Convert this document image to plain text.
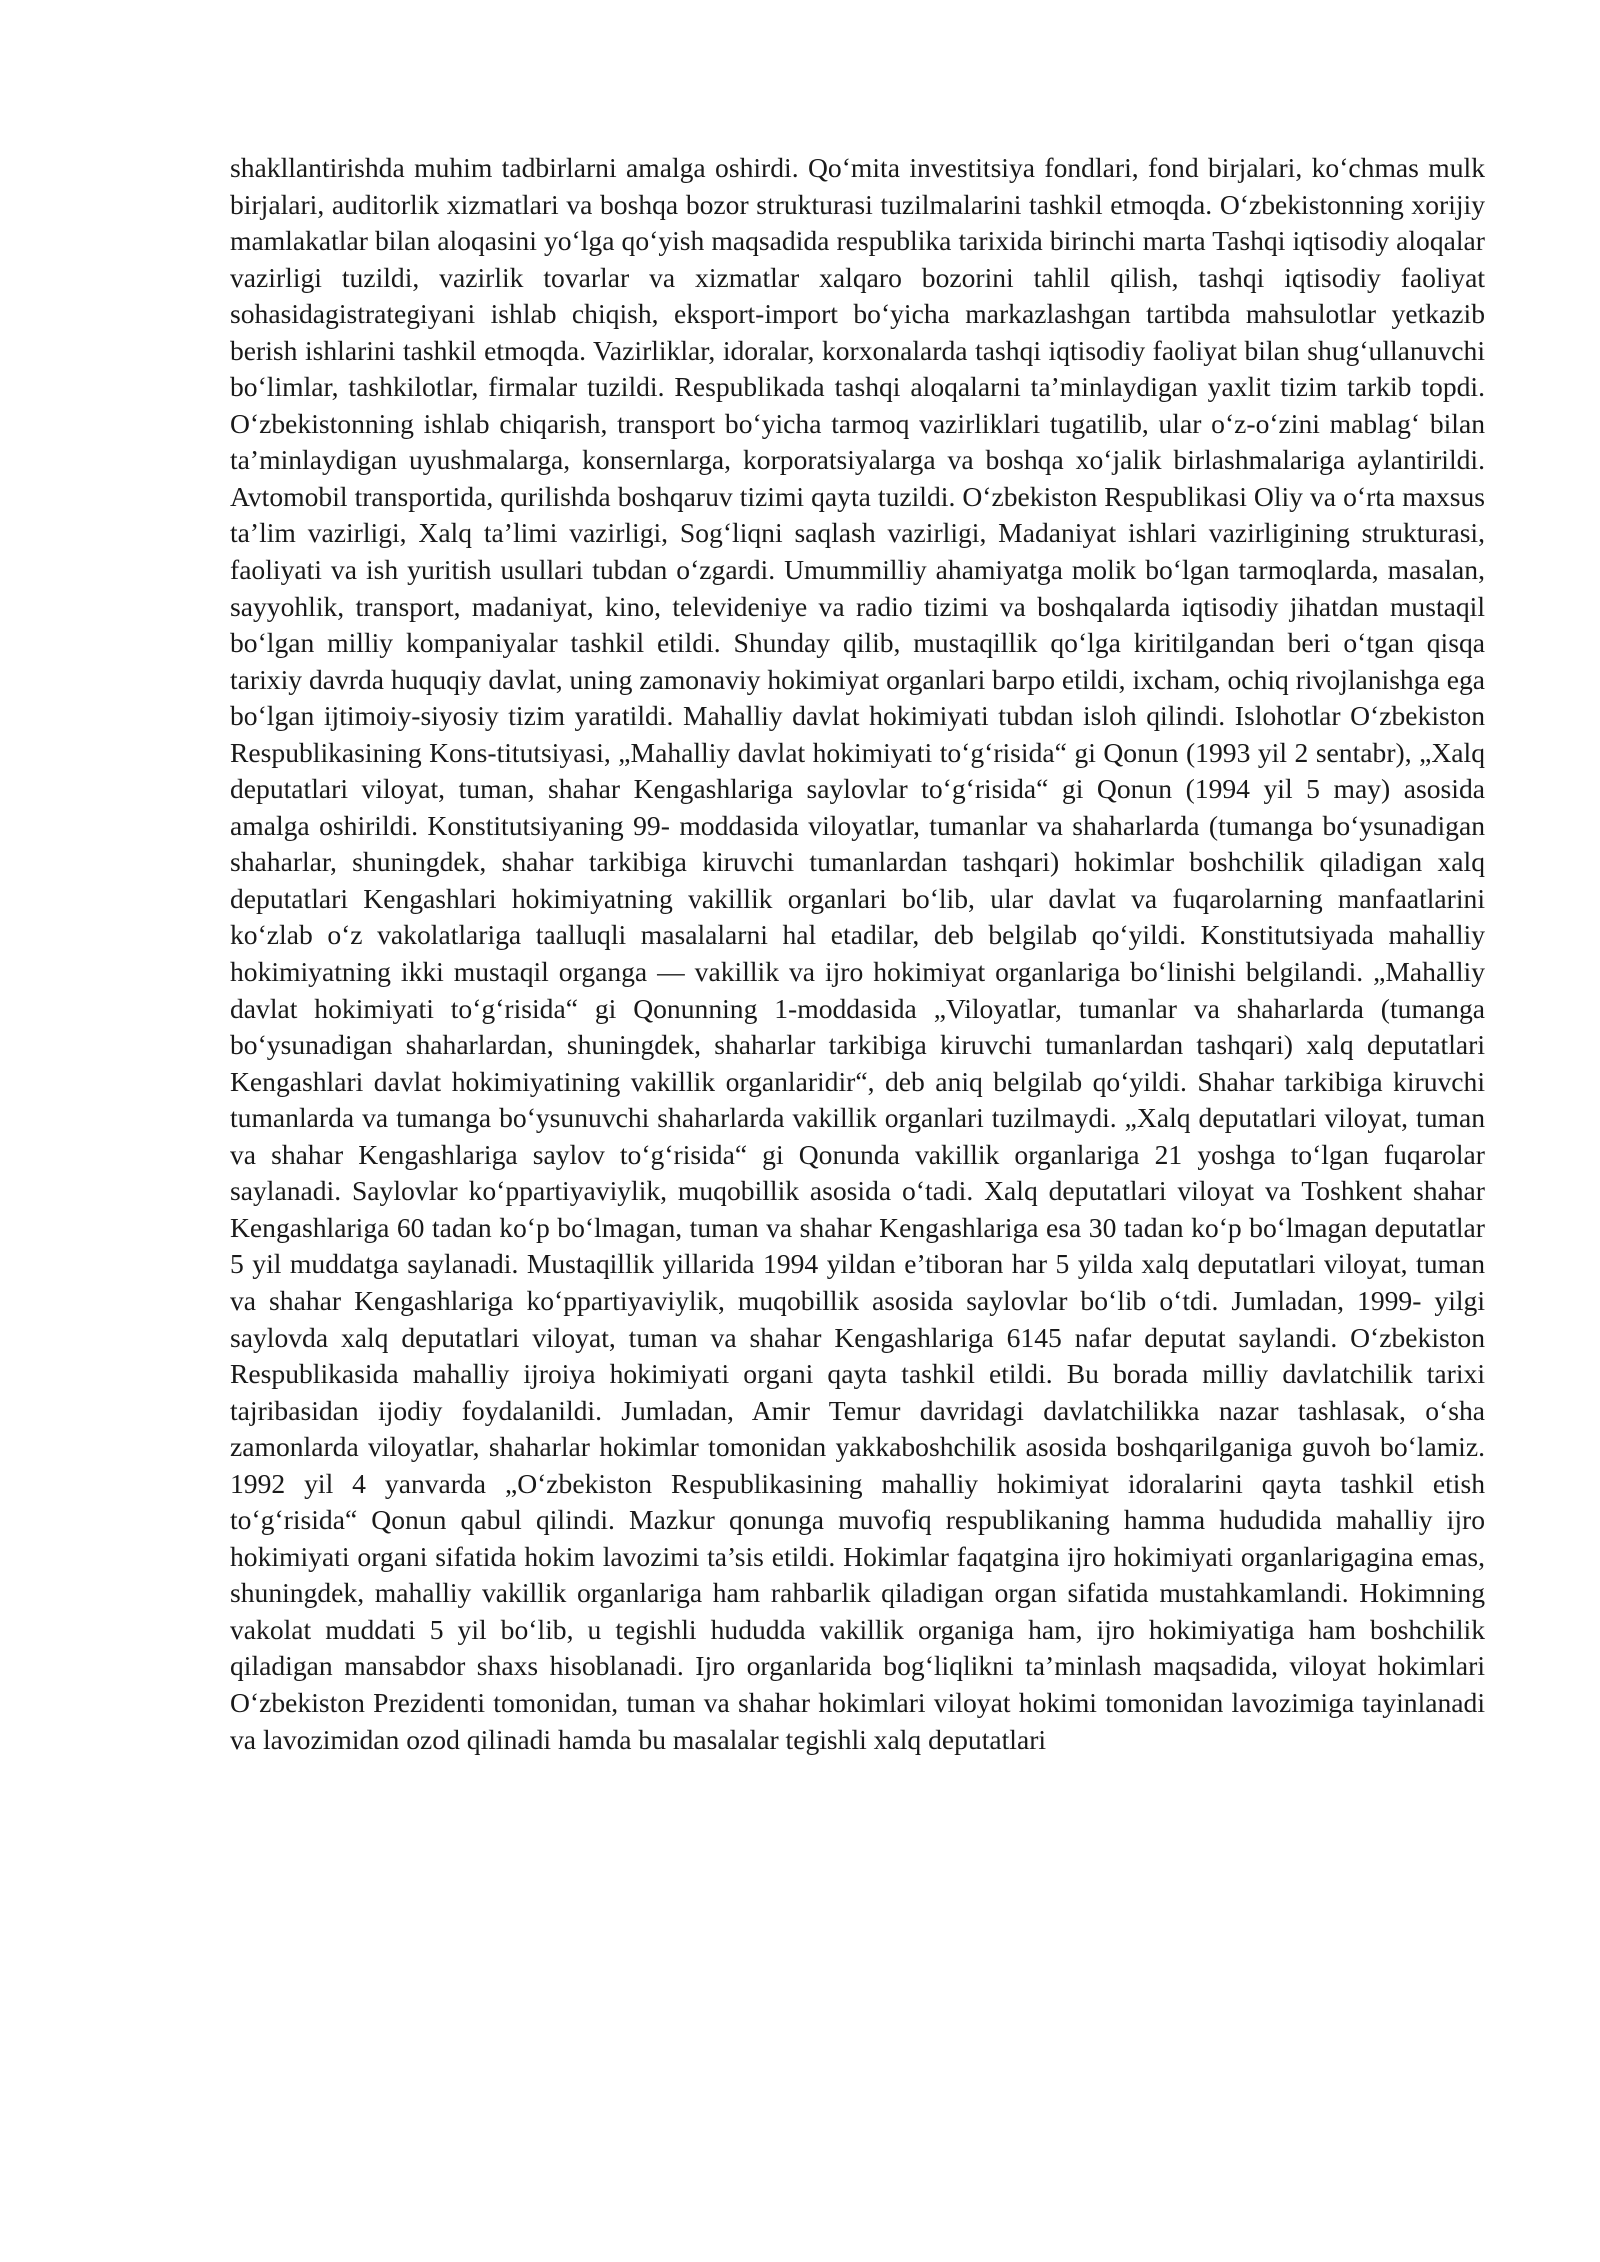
shakllantirishda muhim tadbirlarni amalga oshirdi. Qo‘mita investitsiya fondlari, fond birjalari, ko‘chmas mulk birjalari, auditorlik xizmatlari va boshqa bozor strukturasi tuzilmalarini tashkil etmoqda. O‘zbekistonning xorijiy mamlakatlar bilan aloqasini yo‘lga qo‘yish maqsadida respublika tarixida birinchi marta Tashqi iqtisodiy aloqalar vazirligi tuzildi, vazirlik tovarlar va xizmatlar xalqaro bozorini tahlil qilish, tashqi iqtisodiy faoliyat sohasidagistrategiyani ishlab chiqish, eksport-import bo‘yicha markazlashgan tartibda mahsulotlar yetkazib berish ishlarini tashkil etmoqda. Vazirliklar, idoralar, korxonalarda tashqi iqtisodiy faoliyat bilan shug‘ullanuvchi bo‘limlar, tashkilotlar, firmalar tuzildi. Respublikada tashqi aloqalarni ta’minlaydigan yaxlit tizim tarkib topdi. O‘zbekistonning ishlab chiqarish, transport bo‘yicha tarmoq vazirliklari tugatilib, ular o‘z-o‘zini mablag‘ bilan ta’minlaydigan uyushmalarga, konsernlarga, korporatsiyalarga va boshqa xo‘jalik birlashmalariga aylantirildi. Avtomobil transportida, qurilishda boshqaruv tizimi qayta tuzildi. O‘zbekiston Respublikasi Oliy va o‘rta maxsus ta’lim vazirligi, Xalq ta’limi vazirligi, Sog‘liqni saqlash vazirligi, Madaniyat ishlari vazirligining strukturasi, faoliyati va ish yuritish usullari tubdan o‘zgardi. Umummilliy ahamiyatga molik bo‘lgan tarmoqlarda, masalan, sayyohlik, transport, madaniyat, kino, televideniye va radio tizimi va boshqalarda iqtisodiy jihatdan mustaqil bo‘lgan milliy kompaniyalar tashkil etildi. Shunday qilib, mustaqillik qo‘lga kiritilgandan beri o‘tgan qisqa tarixiy davrda huquqiy davlat, uning zamonaviy hokimiyat organlari barpo etildi, ixcham, ochiq rivojlanishga ega bo‘lgan ijtimoiy-siyosiy tizim yaratildi. Mahalliy davlat hokimiyati tubdan isloh qilindi. Islohotlar O‘zbekiston Respublikasining Kons-titutsiyasi, „Mahalliy davlat hokimiyati to‘g‘risida“ gi Qonun (1993 yil 2 sentabr), „Xalq deputatlari viloyat, tuman, shahar Kengashlariga saylovlar to‘g‘risida“ gi Qonun (1994 yil 5 may) asosida amalga oshirildi. Konstitutsiyaning 99- moddasida viloyatlar, tumanlar va shaharlarda (tumanga bo‘ysunadigan shaharlar, shuningdek, shahar tarkibiga kiruvchi tumanlardan tashqari) hokimlar boshchilik qiladigan xalq deputatlari Kengashlari hokimiyatning vakillik organlari bo‘lib, ular davlat va fuqarolarning manfaatlarini ko‘zlab o‘z vakolatlariga taalluqli masalalarni hal etadilar, deb belgilab qo‘yildi. Konstitutsiyada mahalliy hokimiyatning ikki mustaqil organga — vakillik va ijro hokimiyat organlariga bo‘linishi belgilandi. „Mahalliy davlat hokimiyati to‘g‘risida“ gi Qonunning 1-moddasida „Viloyatlar, tumanlar va shaharlarda (tumanga bo‘ysunadigan shaharlardan, shuningdek, shaharlar tarkibiga kiruvchi tumanlardan tashqari) xalq deputatlari Kengashlari davlat hokimiyatining vakillik organlaridir“, deb aniq belgilab qo‘yildi. Shahar tarkibiga kiruvchi tumanlarda va tumanga bo‘ysunuvchi shaharlarda vakillik organlari tuzilmaydi. „Xalq deputatlari viloyat, tuman va shahar Kengashlariga saylov to‘g‘risida“ gi Qonunda vakillik organlariga 21 yoshga to‘lgan fuqarolar saylanadi. Saylovlar ko‘ppartiyaviylik, muqobillik asosida o‘tadi. Xalq deputatlari viloyat va Toshkent shahar Kengashlariga 60 tadan ko‘p bo‘lmagan, tuman va shahar Kengashlariga esa 30 tadan ko‘p bo‘lmagan deputatlar 5 yil muddatga saylanadi. Mustaqillik yillarida 1994 yildan e’tiboran har 5 yilda xalq deputatlari viloyat, tuman va shahar Kengashlariga ko‘ppartiyaviylik, muqobillik asosida saylovlar bo‘lib o‘tdi. Jumladan, 1999- yilgi saylovda xalq deputatlari viloyat, tuman va shahar Kengashlariga 6145 nafar deputat saylandi. O‘zbekiston Respublikasida mahalliy ijroiya hokimiyati organi qayta tashkil etildi. Bu borada milliy davlatchilik tarixi tajribasidan ijodiy foydalanildi. Jumladan, Amir Temur davridagi davlatchilikka nazar tashlasak, o‘sha zamonlarda viloyatlar, shaharlar hokimlar tomonidan yakkaboshchilik asosida boshqarilganiga guvoh bo‘lamiz. 1992 yil 4 yanvarda „O‘zbekiston Respublikasining mahalliy hokimiyat idoralarini qayta tashkil etish to‘g‘risida“ Qonun qabul qilindi. Mazkur qonunga muvofiq respublikaning hamma hududida mahalliy ijro hokimiyati organi sifatida hokim lavozimi ta’sis etildi. Hokimlar faqatgina ijro hokimiyati organlarigagina emas, shuningdek, mahalliy vakillik organlariga ham rahbarlik qiladigan organ sifatida mustahkamlandi. Hokimning vakolat muddati 5 yil bo‘lib, u tegishli hududda vakillik organiga ham, ijro hokimiyatiga ham boshchilik qiladigan mansabdor shaxs hisoblanadi. Ijro organlarida bog‘liqlikni ta’minlash maqsadida, viloyat hokimlari O‘zbekiston Prezidenti tomonidan, tuman va shahar hokimlari viloyat hokimi tomonidan lavozimiga tayinlanadi va lavozimidan ozod qilinadi hamda bu masalalar tegishli xalq deputatlari
